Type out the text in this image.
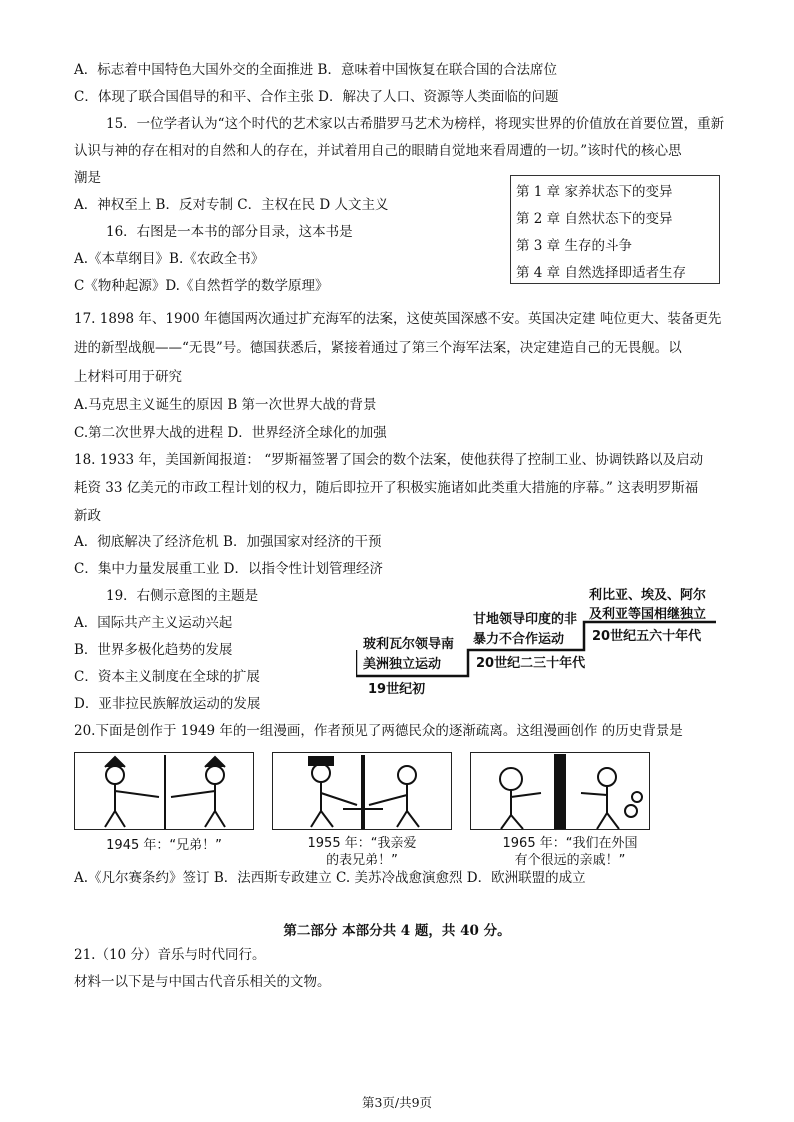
A．标志着中国特色大国外交的全面推进 B．意味着中国恢复在联合国的合法席位
C．体现了联合国倡导的和平、合作主张 D．解决了人口、资源等人类面临的问题
15．一位学者认为“这个时代的艺术家以古希腊罗马艺术为榜样，将现实世界的价值放在首要位置，重新
认识与神的存在相对的自然和人的存在，并试着用自己的眼睛自觉地来看周遭的一切。”该时代的核心思
潮是
A．神权至上 B．反对专制 C．主权在民 D 人文主义
16．右图是一本书的部分目录，这本书是
A.《本草纲目》B.《农政全书》
C《物种起源》D.《自然哲学的数学原理》
17. 1898 年、1900 年德国两次通过扩充海军的法案，这使英国深感不安。英国决定建 吨位更大、装备更先
进的新型战舰——“无畏”号。德国获悉后，紧接着通过了第三个海军法案，决定建造自己的无畏舰。以
上材料可用于研究
A.马克思主义诞生的原因 B 第一次世界大战的背景
C.第二次世界大战的进程 D．世界经济全球化的加强
18. 1933 年，美国新闻报道： “罗斯福签署了国会的数个法案，使他获得了控制工业、协调铁路以及启动
耗资 33 亿美元的市政工程计划的权力，随后即拉开了积极实施诸如此类重大措施的序幕。” 这表明罗斯福
新政
A．彻底解决了经济危机 B．加强国家对经济的干预
C．集中力量发展重工业 D．以指令性计划管理经济
19．右侧示意图的主题是
A．国际共产主义运动兴起
B．世界多极化趋势的发展
C．资本主义制度在全球的扩展
D．亚非拉民族解放运动的发展
20.下面是创作于 1949 年的一组漫画，作者预见了两德民众的逐渐疏离。这组漫画创作 的历史背景是
A.《凡尔赛条约》签订 B．法西斯专政建立 C. 美苏冷战愈演愈烈 D．欧洲联盟的成立
21.（10 分）音乐与时代同行。
材料一以下是与中国古代音乐相关的文物。
第 1 章 家养状态下的变异
第 2 章 自然状态下的变异
第 3 章 生存的斗争
第 4 章 自然选择即适者生存
玻利瓦尔领导南
美洲独立运动
19世纪初
甘地领导印度的非
暴力不合作运动
20世纪二三十年代
利比亚、埃及、阿尔
及利亚等国相继独立
20世纪五六十年代
1945 年：“兄弟！”	1955 年：“我亲爱
的表兄弟！”
1965 年：“我们在外国
有个很远的亲戚！”
第二部分 本部分共 4 题，共 40 分。
第3页/共9页
